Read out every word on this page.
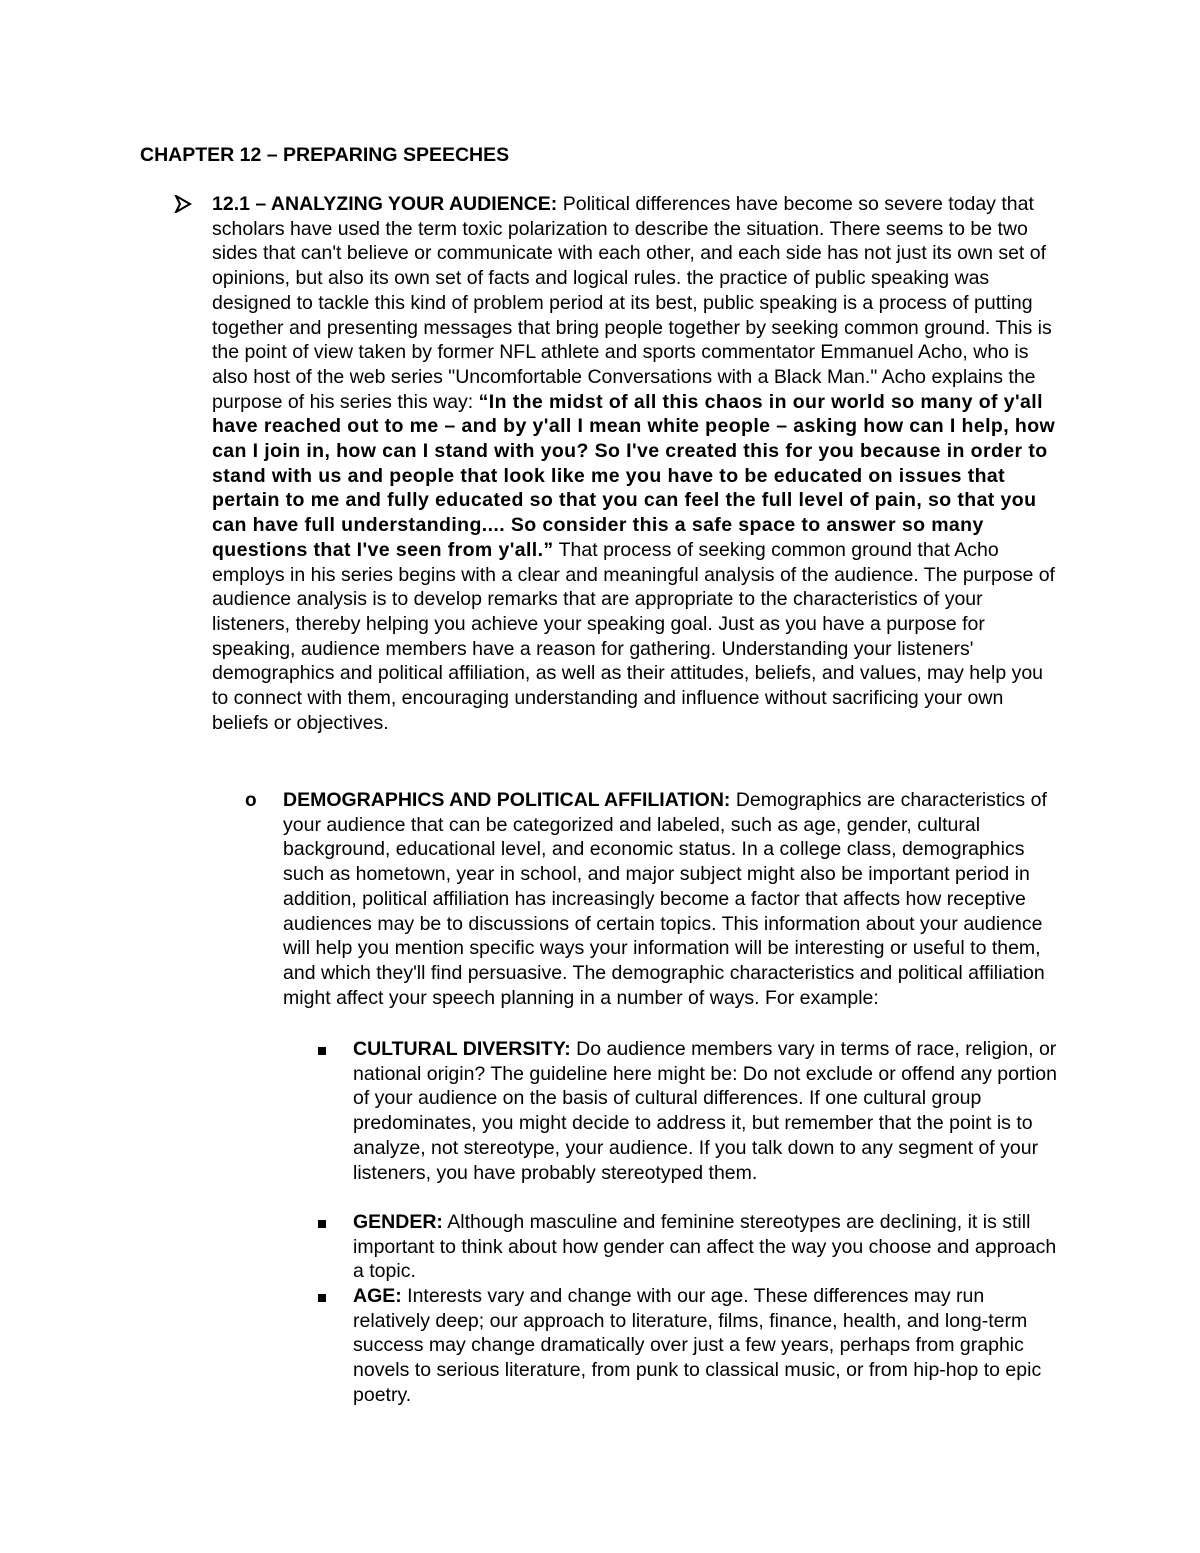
CHAPTER 12 – PREPARING SPEECHES

12.1 – ANALYZING YOUR AUDIENCE: Political differences have become so severe today that scholars have used the term toxic polarization to describe the situation. There seems to be two sides that can't believe or communicate with each other, and each side has not just its own set of opinions, but also its own set of facts and logical rules. the practice of public speaking was designed to tackle this kind of problem period at its best, public speaking is a process of putting together and presenting messages that bring people together by seeking common ground. This is the point of view taken by former NFL athlete and sports commentator Emmanuel Acho, who is also host of the web series "Uncomfortable Conversations with a Black Man." Acho explains the purpose of his series this way: “In the midst of all this chaos in our world so many of y'all have reached out to me – and by y'all I mean white people – asking how can I help, how can I join in, how can I stand with you? So I've created this for you because in order to stand with us and people that look like me you have to be educated on issues that pertain to me and fully educated so that you can feel the full level of pain, so that you can have full understanding.... So consider this a safe space to answer so many questions that I've seen from y'all.” That process of seeking common ground that Acho employs in his series begins with a clear and meaningful analysis of the audience. The purpose of audience analysis is to develop remarks that are appropriate to the characteristics of your listeners, thereby helping you achieve your speaking goal. Just as you have a purpose for speaking, audience members have a reason for gathering. Understanding your listeners' demographics and political affiliation, as well as their attitudes, beliefs, and values, may help you to connect with them, encouraging understanding and influence without sacrificing your own beliefs or objectives.

o DEMOGRAPHICS AND POLITICAL AFFILIATION: Demographics are characteristics of your audience that can be categorized and labeled, such as age, gender, cultural background, educational level, and economic status. In a college class, demographics such as hometown, year in school, and major subject might also be important period in addition, political affiliation has increasingly become a factor that affects how receptive audiences may be to discussions of certain topics. This information about your audience will help you mention specific ways your information will be interesting or useful to them, and which they'll find persuasive. The demographic characteristics and political affiliation might affect your speech planning in a number of ways. For example:

CULTURAL DIVERSITY: Do audience members vary in terms of race, religion, or national origin? The guideline here might be: Do not exclude or offend any portion of your audience on the basis of cultural differences. If one cultural group predominates, you might decide to address it, but remember that the point is to analyze, not stereotype, your audience. If you talk down to any segment of your listeners, you have probably stereotyped them.

GENDER: Although masculine and feminine stereotypes are declining, it is still important to think about how gender can affect the way you choose and approach a topic.

AGE: Interests vary and change with our age. These differences may run relatively deep; our approach to literature, films, finance, health, and long-term success may change dramatically over just a few years, perhaps from graphic novels to serious literature, from punk to classical music, or from hip-hop to epic poetry.
